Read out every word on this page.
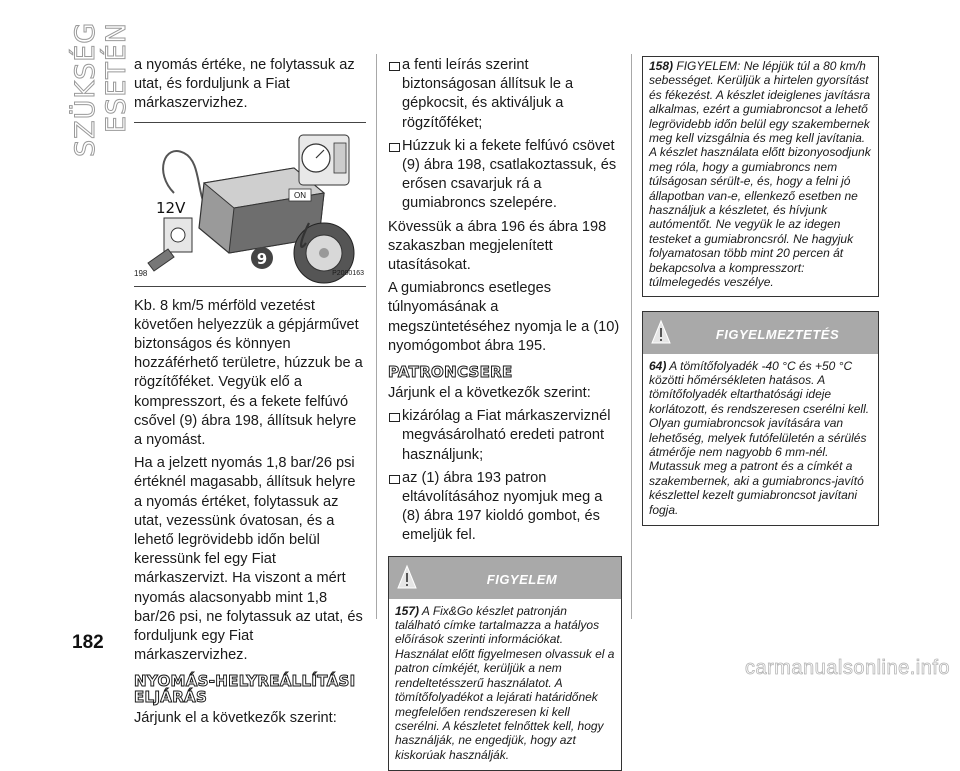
SZÜKSÉG ESETÉN
182

a nyomás értéke, ne folytassuk az utat, és forduljunk a Fiat márkaszervizhez.

ON
12V
9
198	P2000163

Kb. 8 km/5 mérföld vezetést követően helyezzük a gépjárművet biztonságos és könnyen hozzáférhető területre, húzzuk be a rögzítőféket. Vegyük elő a kompresszort, és a fekete felfúvó csővel (9) ábra 198, állítsuk helyre a nyomást.

Ha a jelzett nyomás 1,8 bar/26 psi értéknél magasabb, állítsuk helyre a nyomás értéket, folytassuk az utat, vezessünk óvatosan, és a lehető legrövidebb időn belül keressünk fel egy Fiat márkaszervizt. Ha viszont a mért nyomás alacsonyabb mint 1,8 bar/26 psi, ne folytassuk az utat, és forduljunk egy Fiat márkaszervizhez.

NYOMÁS-HELYREÁLLÍTÁSI ELJÁRÁS

Járjunk el a következők szerint:

a fenti leírás szerint biztonságosan állítsuk le a gépkocsit, és aktiváljuk a rögzítőféket;

Húzzuk ki a fekete felfúvó csövet (9) ábra 198, csatlakoztassuk, és erősen csavarjuk rá a gumiabroncs szelepére.

Kövessük a ábra 196 és ábra 198 szakaszban megjelenített utasításokat.

A gumiabroncs esetleges túlnyomásának a megszüntetéséhez nyomja le a (10) nyomógombot ábra 195.

PATRONCSERE

Járjunk el a következők szerint:

kizárólag a Fiat márkaszerviznél megvásárolható eredeti patront használjunk;

az (1) ábra 193 patron eltávolításához nyomjuk meg a (8) ábra 197 kioldó gombot, és emeljük fel.

FIGYELEM
157) A Fix&Go készlet patronján található címke tartalmazza a hatályos előírások szerinti információkat. Használat előtt figyelmesen olvassuk el a patron címkéjét, kerüljük a nem rendeltetésszerű használatot. A tömítőfolyadékot a lejárati határidőnek megfelelően rendszeresen ki kell cserélni. A készletet felnőttek kell, hogy használják, ne engedjük, hogy azt kiskorúak használják.
158) FIGYELEM: Ne lépjük túl a 80 km/h sebességet. Kerüljük a hirtelen gyorsítást és fékezést. A készlet ideiglenes javításra alkalmas, ezért a gumiabroncsot a lehető legrövidebb időn belül egy szakembernek meg kell vizsgálnia és meg kell javítania. A készlet használata előtt bizonyosodjunk meg róla, hogy a gumiabroncs nem túlságosan sérült-e, és, hogy a felni jó állapotban van-e, ellenkező esetben ne használjuk a készletet, és hívjunk autómentőt. Ne vegyük le az idegen testeket a gumiabroncsról. Ne hagyjuk folyamatosan több mint 20 percen át bekapcsolva a kompresszort: túlmelegedés veszélye.
FIGYELMEZTETÉS
64) A tömítőfolyadék -40 °C és +50 °C közötti hőmérsékleten hatásos. A tömítőfolyadék eltarthatósági ideje korlátozott, és rendszeresen cserélni kell. Olyan gumiabroncsok javítására van lehetőség, melyek futófelületén a sérülés átmérője nem nagyobb 6 mm-nél. Mutassuk meg a patront és a címkét a szakembernek, aki a gumiabroncs-javító készlettel kezelt gumiabroncsot javítani fogja.
carmanualsonline.info
